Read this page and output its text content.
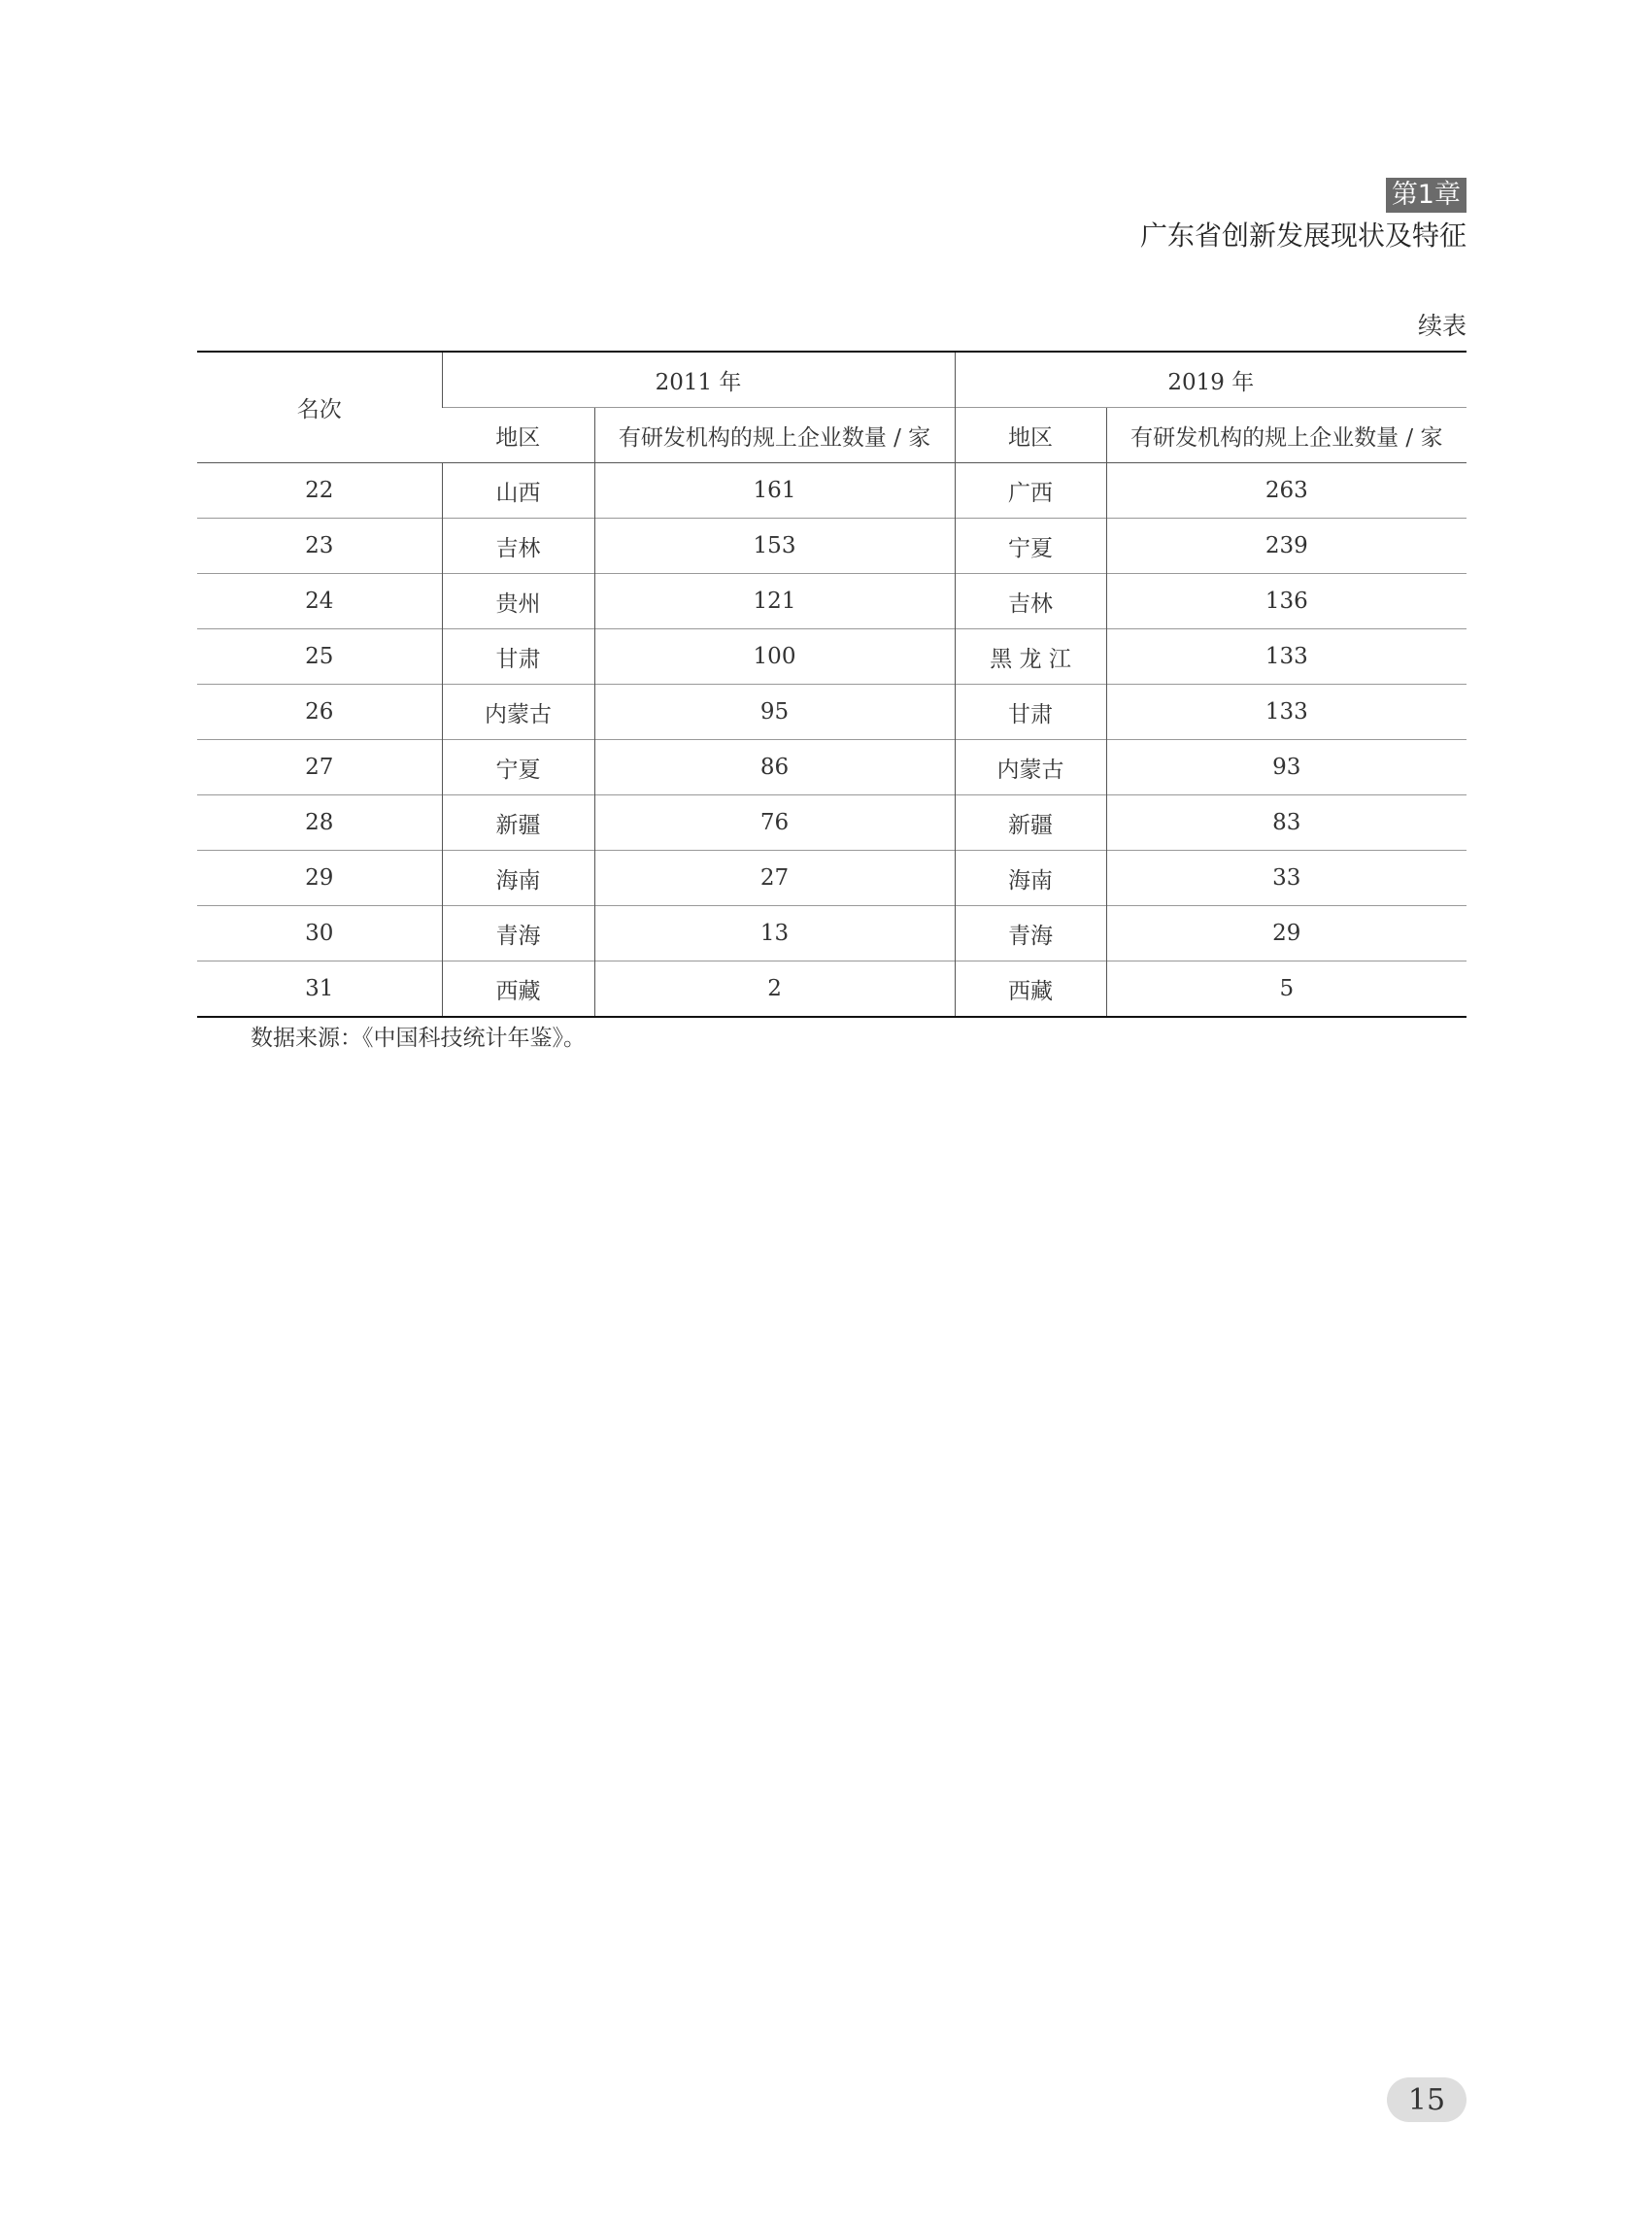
第1章
广东省创新发展现状及特征
续表
名次	2011 年		2019 年	
	地区	有研发机构的规上企业数量 / 家	地区	有研发机构的规上企业数量 / 家
22	山西	161	广西	263
23	吉林	153	宁夏	239
24	贵州	121	吉林	136
25	甘肃	100	黑 龙 江	133
26	内蒙古	95	甘肃	133
27	宁夏	86	内蒙古	93
28	新疆	76	新疆	83
29	海南	27	海南	33
30	青海	13	青海	29
31	西藏	2	西藏	5
数据来源：《中国科技统计年鉴》。
15
